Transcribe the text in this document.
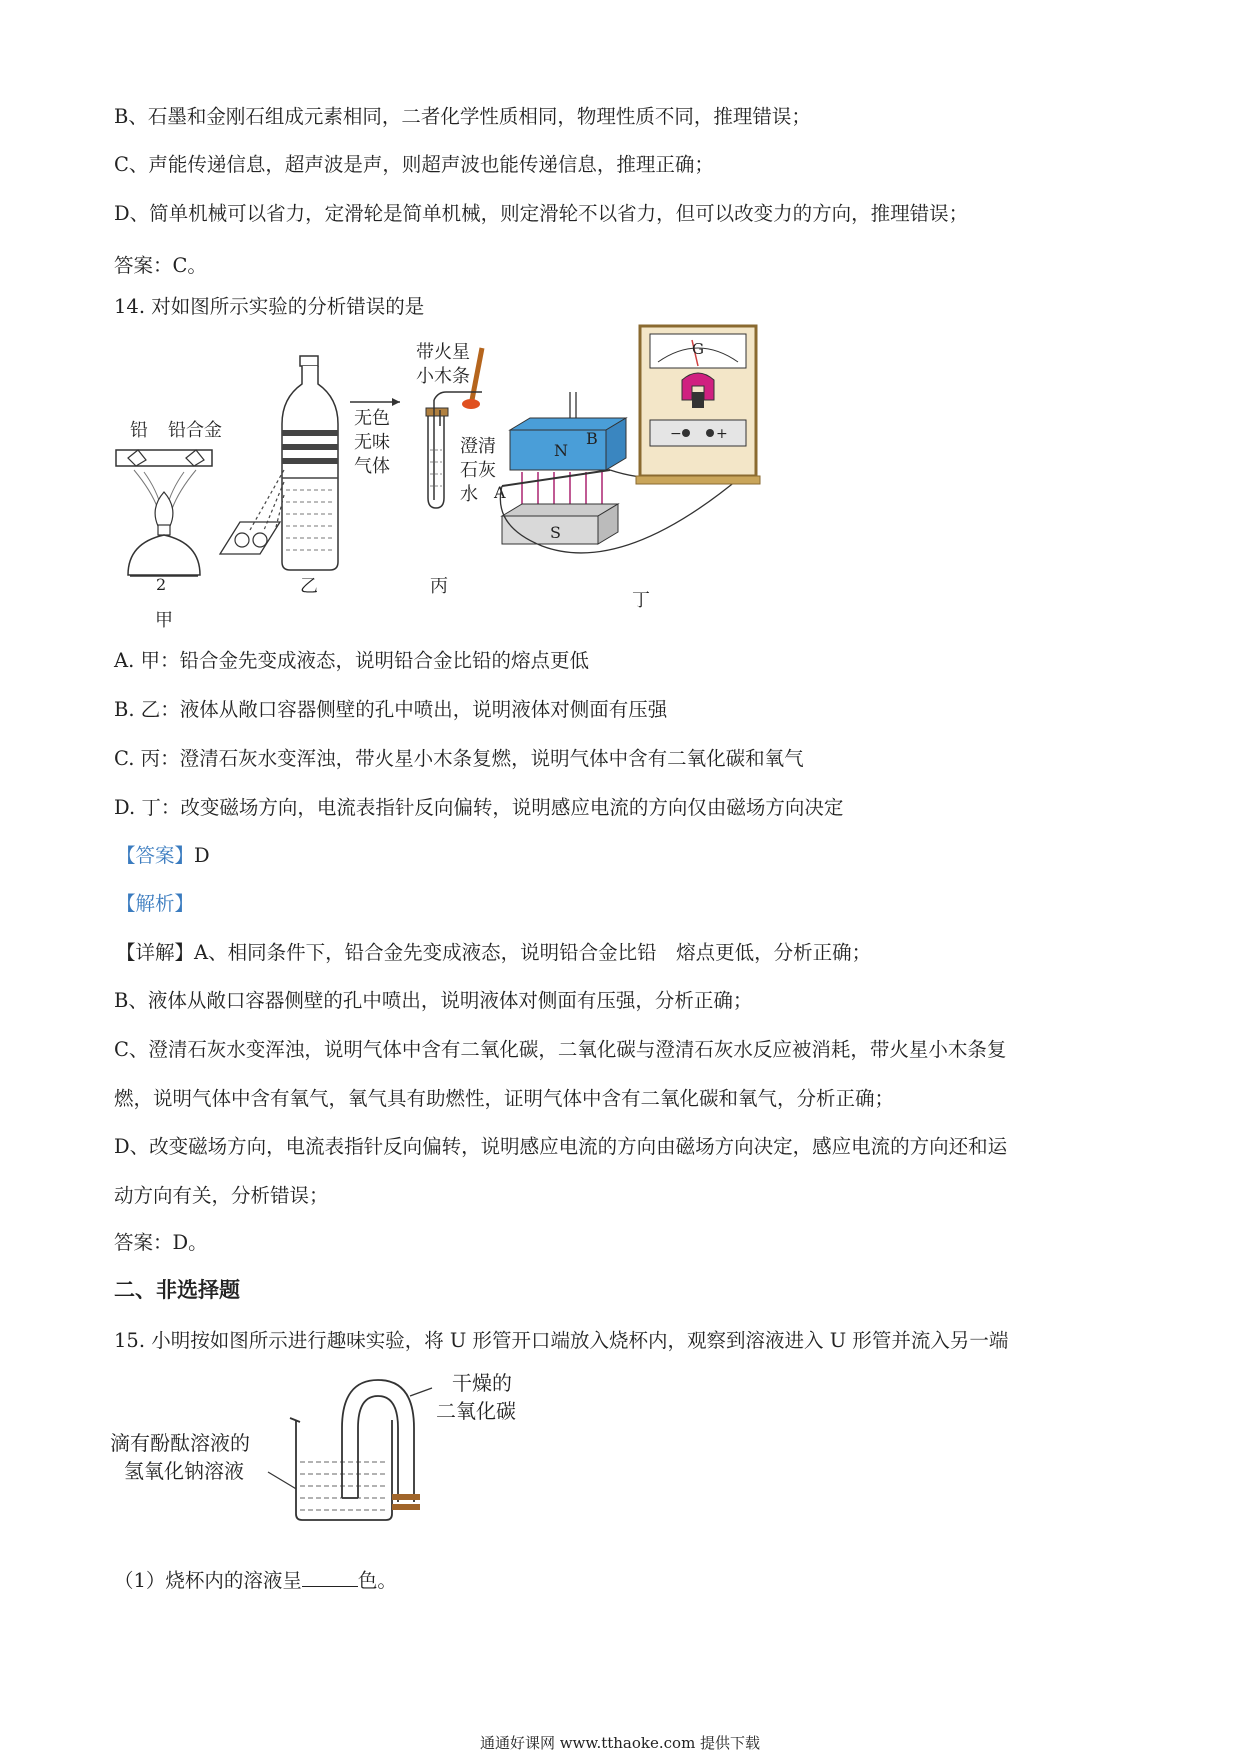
B、石墨和金刚石组成元素相同，二者化学性质相同，物理性质不同，推理错误；
C、声能传递信息，超声波是声，则超声波也能传递信息，推理正确；
D、简单机械可以省力，定滑轮是简单机械，则定滑轮不以省力，但可以改变力的方向，推理错误；
答案：C。
14. 对如图所示实验的分析错误的是
铅 铅合金
2
甲
乙
带火星
小木条
无色
无味
气体
澄清
石灰
水
丙
N
A
B
S
G
− +
丁
A. 甲：铅合金先变成液态，说明铅合金比铅的熔点更低
B. 乙：液体从敞口容器侧壁的孔中喷出，说明液体对侧面有压强
C. 丙：澄清石灰水变浑浊，带火星小木条复燃，说明气体中含有二氧化碳和氧气
D. 丁：改变磁场方向，电流表指针反向偏转，说明感应电流的方向仅由磁场方向决定
【答案】D
【解析】
【详解】A、相同条件下，铅合金先变成液态，说明铅合金比铅　熔点更低，分析正确；
B、液体从敞口容器侧壁的孔中喷出，说明液体对侧面有压强，分析正确；
C、澄清石灰水变浑浊，说明气体中含有二氧化碳，二氧化碳与澄清石灰水反应被消耗，带火星小木条复
燃，说明气体中含有氧气，氧气具有助燃性，证明气体中含有二氧化碳和氧气，分析正确；
D、改变磁场方向，电流表指针反向偏转，说明感应电流的方向由磁场方向决定，感应电流的方向还和运
动方向有关，分析错误；
答案：D。
二、非选择题
15. 小明按如图所示进行趣味实验，将 U 形管开口端放入烧杯内，观察到溶液进入 U 形管并流入另一端
滴有酚酞溶液的
氢氧化钠溶液
干燥的
二氧化碳
（1）烧杯内的溶液呈	色。
通通好课网 www.tthaoke.com 提供下载
